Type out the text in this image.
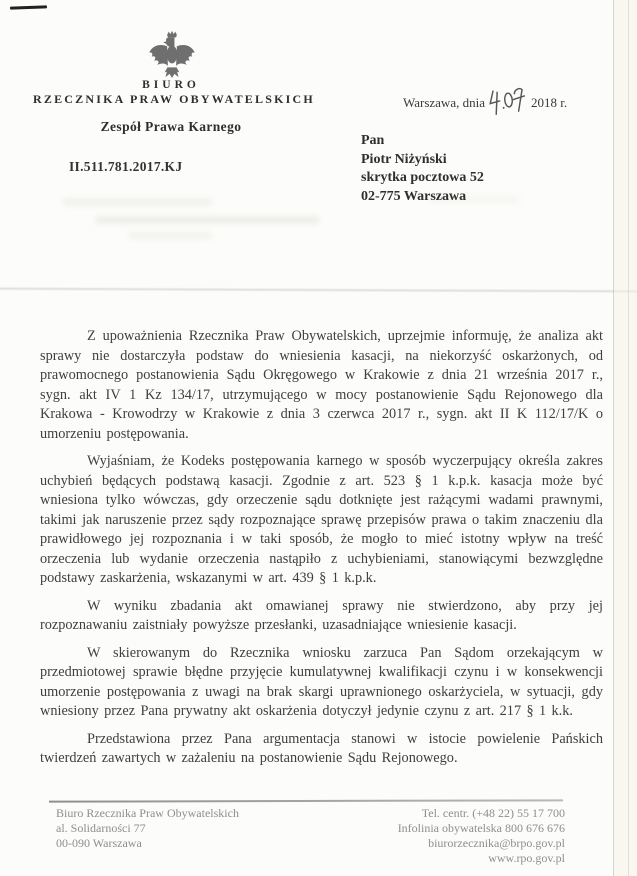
BIURO
RZECZNIKA PRAW OBYWATELSKICH
Zespół Prawa Karnego
Warszawa, dnia	2018 r.
II.511.781.2017.KJ
Pan
Piotr Niżyński
skrytka pocztowa 52
02-775 Warszawa

Z upoważnienia Rzecznika Praw Obywatelskich, uprzejmie informuję, że analiza akt sprawy nie dostarczyła podstaw do wniesienia kasacji, na niekorzyść oskarżonych, od prawomocnego postanowienia Sądu Okręgowego w Krakowie z dnia 21 września 2017 r., sygn. akt IV 1 Kz 134/17, utrzymującego w mocy postanowienie Sądu Rejonowego dla Krakowa - Krowodrzy w Krakowie z dnia 3 czerwca 2017 r., sygn. akt II K 112/17/K o umorzeniu postępowania.

Wyjaśniam, że Kodeks postępowania karnego w sposób wyczerpujący określa zakres uchybień będących podstawą kasacji. Zgodnie z art. 523 § 1 k.p.k. kasacja może być wniesiona tylko wówczas, gdy orzeczenie sądu dotknięte jest rażącymi wadami prawnymi, takimi jak naruszenie przez sądy rozpoznające sprawę przepisów prawa o takim znaczeniu dla prawidłowego jej rozpoznania i w taki sposób, że mogło to mieć istotny wpływ na treść orzeczenia lub wydanie orzeczenia nastąpiło z uchybieniami, stanowiącymi bezwzględne podstawy zaskarżenia, wskazanymi w art. 439 § 1 k.p.k.

W wyniku zbadania akt omawianej sprawy nie stwierdzono, aby przy jej rozpoznawaniu zaistniały powyższe przesłanki, uzasadniające wniesienie kasacji.

W skierowanym do Rzecznika wniosku zarzuca Pan Sądom orzekającym w przedmiotowej sprawie błędne przyjęcie kumulatywnej kwalifikacji czynu i w konsekwencji umorzenie postępowania z uwagi na brak skargi uprawnionego oskarżyciela, w sytuacji, gdy wniesiony przez Pana prywatny akt oskarżenia dotyczył jedynie czynu z art. 217 § 1 k.k.

Przedstawiona przez Pana argumentacja stanowi w istocie powielenie Pańskich twierdzeń zawartych w zażaleniu na postanowienie Sądu Rejonowego.

Biuro Rzecznika Praw Obywatelskich
al. Solidarności 77
00-090 Warszawa
Tel. centr. (+48 22) 55 17 700
Infolinia obywatelska 800 676 676
biurorzecznika@brpo.gov.pl
www.rpo.gov.pl
